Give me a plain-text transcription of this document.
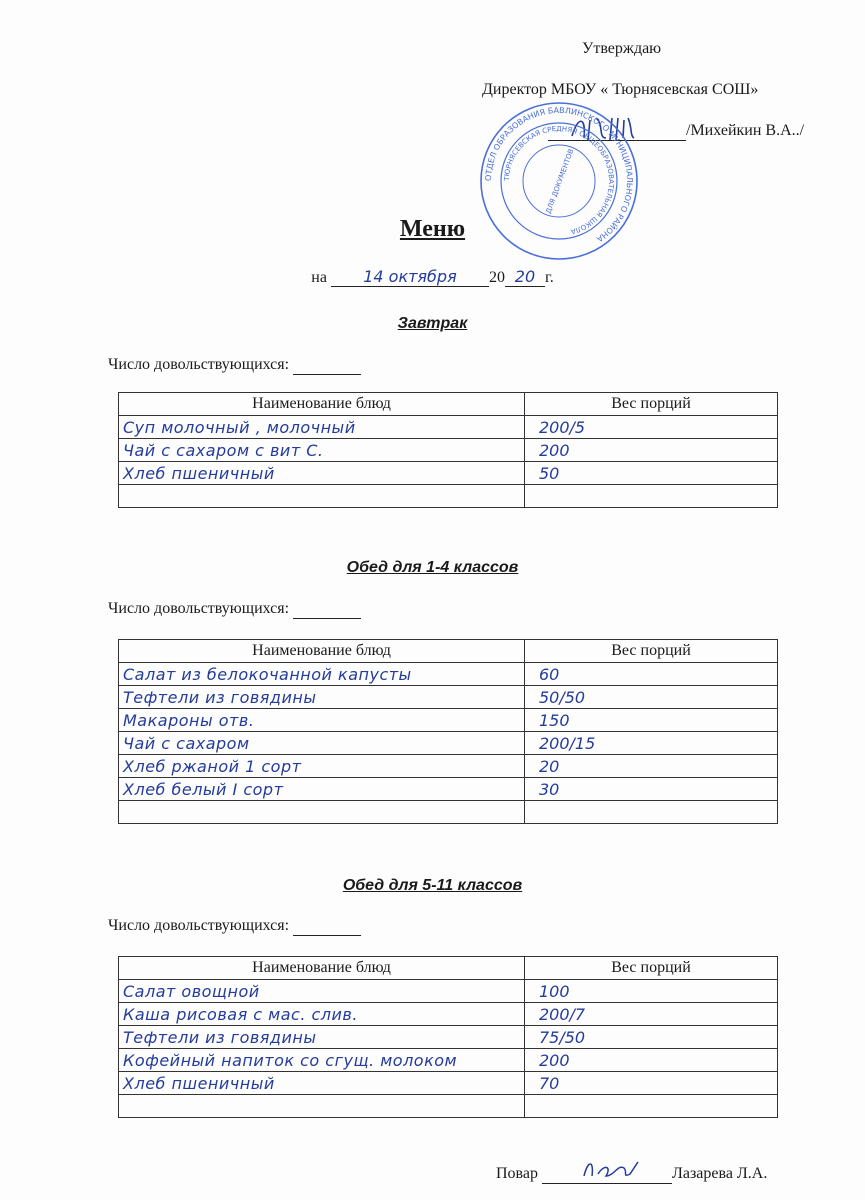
Утверждаю
Директор МБОУ « Тюрнясевская СОШ»
/Михейкин В.А../
ОТДЕЛ ОБРАЗОВАНИЯ БАВЛИНСКОГО МУНИЦИПАЛЬНОГО РАЙОНА
ТЮРНЯСЕВСКАЯ СРЕДНЯЯ ОБЩЕОБРАЗОВАТЕЛЬНАЯ ШКОЛА
ДЛЯ ДОКУМЕНТОВ
Меню
на 14 октября 20 20 г.
Завтрак
Число довольствующихся:
Наименование блюд	Вес порций
Суп молочный , молочный	200/5
Чай с сахаром с вит С.	200
Хлеб пшеничный	50

Обед для 1-4 классов
Число довольствующихся:
Наименование блюд	Вес порций
Салат из белокочанной капусты	60
Тефтели из говядины	50/50
Макароны отв.	150
Чай с сахаром	200/15
Хлеб ржаной 1 сорт	20
Хлеб белый I сорт	30

Обед для 5-11 классов
Число довольствующихся:
Наименование блюд	Вес порций
Салат овощной	100
Каша рисовая с мас. слив.	200/7
Тефтели из говядины	75/50
Кофейный напиток со сгущ. молоком	200
Хлеб пшеничный	70

Повар	Лазарева Л.А.
